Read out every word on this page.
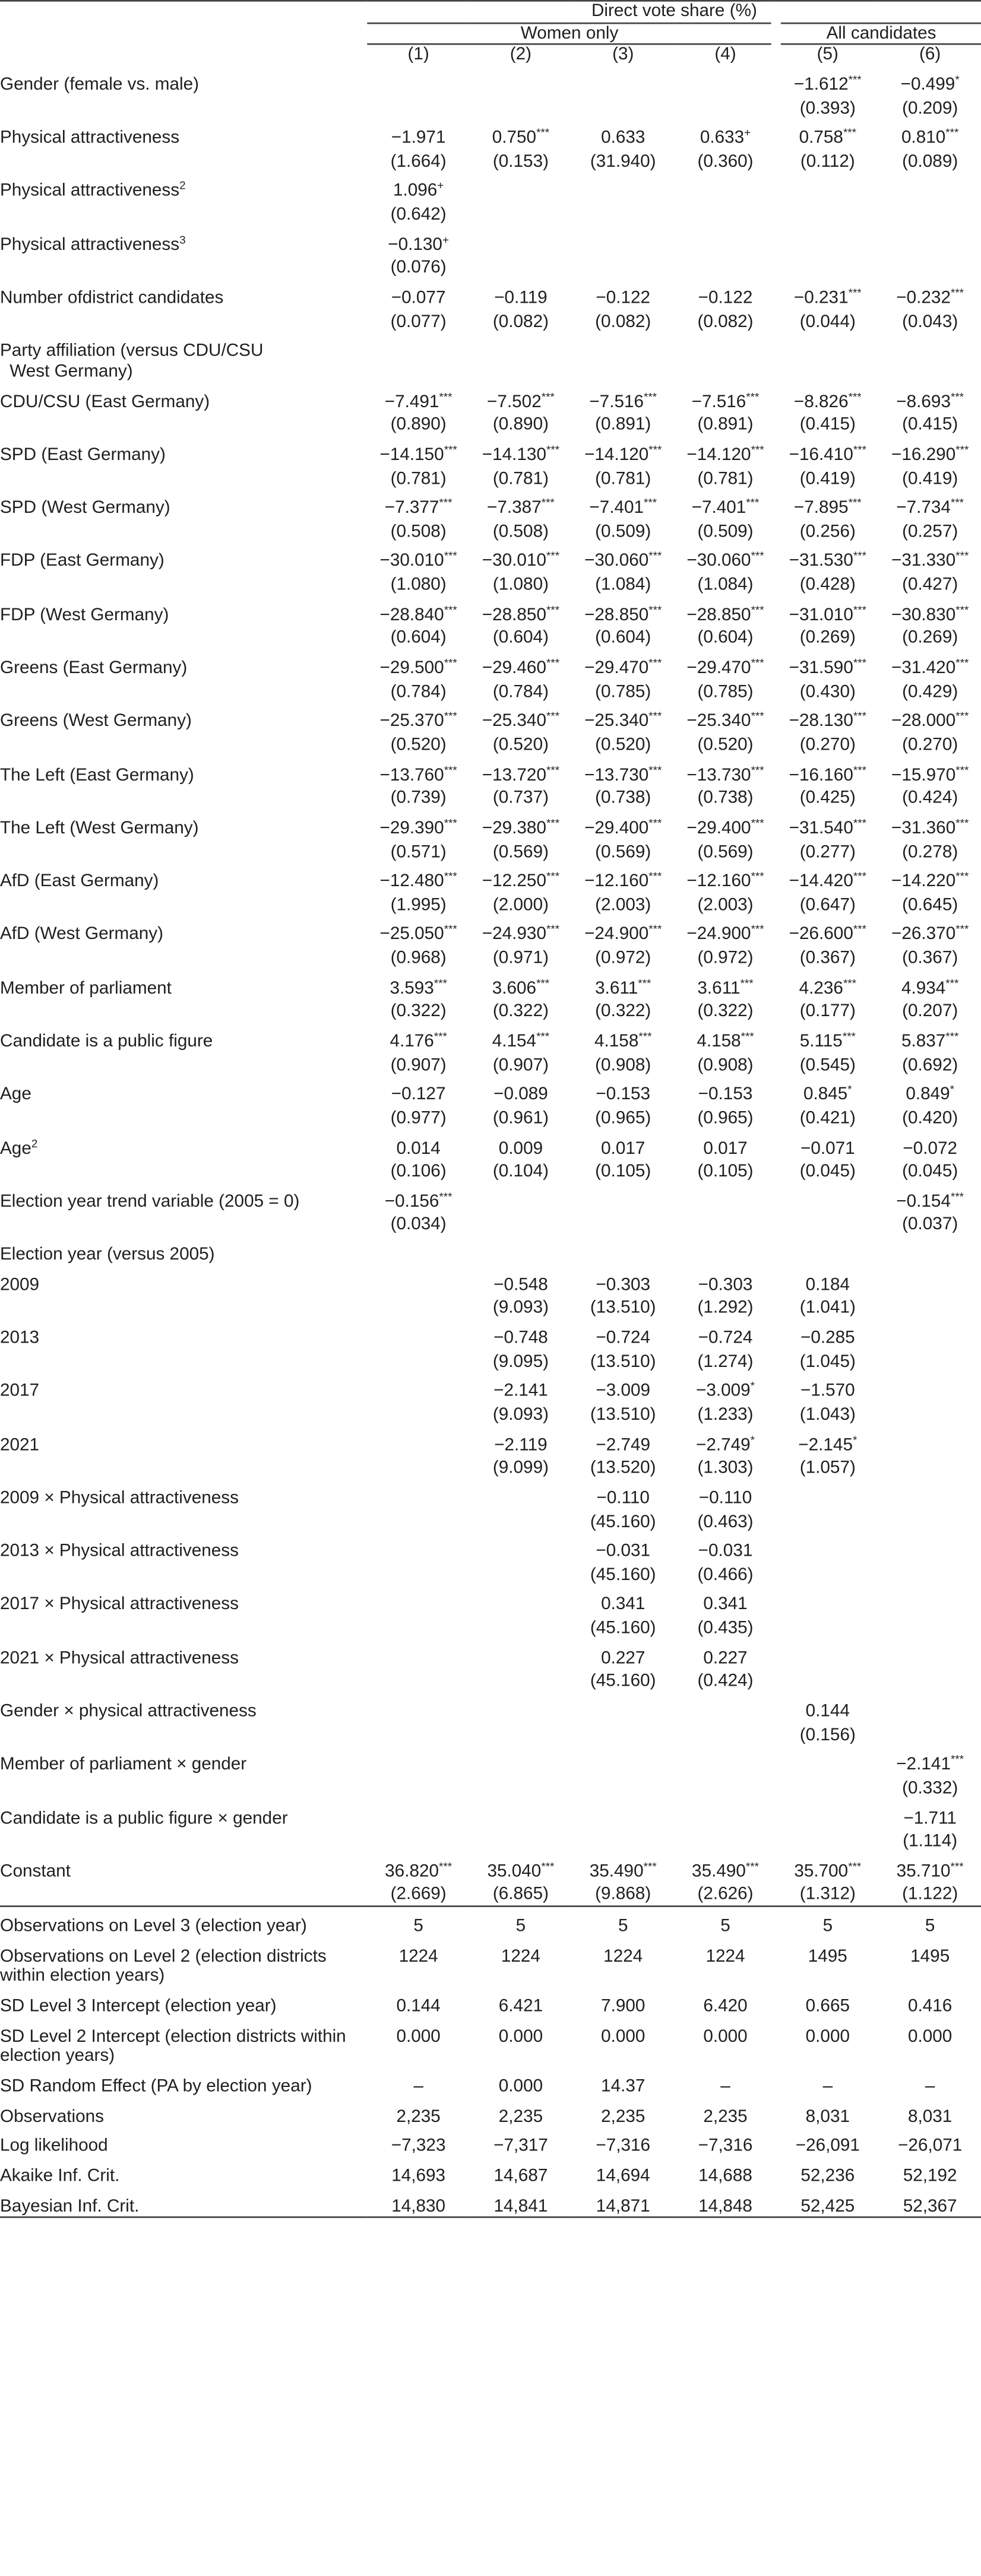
	Direct vote share (%)					
	Women only				All candidates	
	(1)	(2)	(3)	(4)	(5)	(6)
Gender (female vs. male)					−1.612***	−0.499*
					(0.393)	(0.209)
Physical attractiveness	−1.971	0.750***	0.633	0.633+	0.758***	0.810***
	(1.664)	(0.153)	(31.940)	(0.360)	(0.112)	(0.089)
Physical attractiveness$^2$	1.096+					
	(0.642)					
Physical attractiveness$^3$	−0.130+					
	(0.076)					
Number ofdistrict candidates	−0.077	−0.119	−0.122	−0.122	−0.231***	−0.232***
	(0.077)	(0.082)	(0.082)	(0.082)	(0.044)	(0.043)
Party affiliation (versus CDU/CSU
West Germany)						

CDU/CSU (East Germany)	−7.491***	−7.502***	−7.516***	−7.516***	−8.826***	−8.693***
	(0.890)	(0.890)	(0.891)	(0.891)	(0.415)	(0.415)
SPD (East Germany)	−14.150***	−14.130***	−14.120***	−14.120***	−16.410***	−16.290***
	(0.781)	(0.781)	(0.781)	(0.781)	(0.419)	(0.419)
SPD (West Germany)	−7.377***	−7.387***	−7.401***	−7.401***	−7.895***	−7.734***
	(0.508)	(0.508)	(0.509)	(0.509)	(0.256)	(0.257)
FDP (East Germany)	−30.010***	−30.010***	−30.060***	−30.060***	−31.530***	−31.330***
	(1.080)	(1.080)	(1.084)	(1.084)	(0.428)	(0.427)
FDP (West Germany)	−28.840***	−28.850***	−28.850***	−28.850***	−31.010***	−30.830***
	(0.604)	(0.604)	(0.604)	(0.604)	(0.269)	(0.269)
Greens (East Germany)	−29.500***	−29.460***	−29.470***	−29.470***	−31.590***	−31.420***
	(0.784)	(0.784)	(0.785)	(0.785)	(0.430)	(0.429)
Greens (West Germany)	−25.370***	−25.340***	−25.340***	−25.340***	−28.130***	−28.000***
	(0.520)	(0.520)	(0.520)	(0.520)	(0.270)	(0.270)
The Left (East Germany)	−13.760***	−13.720***	−13.730***	−13.730***	−16.160***	−15.970***
	(0.739)	(0.737)	(0.738)	(0.738)	(0.425)	(0.424)
The Left (West Germany)	−29.390***	−29.380***	−29.400***	−29.400***	−31.540***	−31.360***
	(0.571)	(0.569)	(0.569)	(0.569)	(0.277)	(0.278)
AfD (East Germany)	−12.480***	−12.250***	−12.160***	−12.160***	−14.420***	−14.220***
	(1.995)	(2.000)	(2.003)	(2.003)	(0.647)	(0.645)
AfD (West Germany)	−25.050***	−24.930***	−24.900***	−24.900***	−26.600***	−26.370***
	(0.968)	(0.971)	(0.972)	(0.972)	(0.367)	(0.367)
Member of parliament	3.593***	3.606***	3.611***	3.611***	4.236***	4.934***
	(0.322)	(0.322)	(0.322)	(0.322)	(0.177)	(0.207)
Candidate is a public figure	4.176***	4.154***	4.158***	4.158***	5.115***	5.837***
	(0.907)	(0.907)	(0.908)	(0.908)	(0.545)	(0.692)
Age	−0.127	−0.089	−0.153	−0.153	0.845*	0.849*
	(0.977)	(0.961)	(0.965)	(0.965)	(0.421)	(0.420)
Age$^2$	0.014	0.009	0.017	0.017	−0.071	−0.072
	(0.106)	(0.104)	(0.105)	(0.105)	(0.045)	(0.045)
Election year trend variable (2005 = 0)	−0.156***					−0.154***
	(0.034)					(0.037)
Election year (versus 2005)						
2009		−0.548	−0.303	−0.303	0.184	
		(9.093)	(13.510)	(1.292)	(1.041)	
2013		−0.748	−0.724	−0.724	−0.285	
		(9.095)	(13.510)	(1.274)	(1.045)	
2017		−2.141	−3.009	−3.009*	−1.570	
		(9.093)	(13.510)	(1.233)	(1.043)	
2021		−2.119	−2.749	−2.749*	−2.145*	
		(9.099)	(13.520)	(1.303)	(1.057)	
2009 × Physical attractiveness			−0.110	−0.110		
			(45.160)	(0.463)		
2013 × Physical attractiveness			−0.031	−0.031		
			(45.160)	(0.466)		
2017 × Physical attractiveness			0.341	0.341		
			(45.160)	(0.435)		
2021 × Physical attractiveness			0.227	0.227		
			(45.160)	(0.424)		
Gender × physical attractiveness					0.144	
					(0.156)	
Member of parliament × gender						−2.141***
						(0.332)
Candidate is a public figure × gender						−1.711
						(1.114)
Constant	36.820***	35.040***	35.490***	35.490***	35.700***	35.710***
	(2.669)	(6.865)	(9.868)	(2.626)	(1.312)	(1.122)
Observations on Level 3 (election year)	5	5	5	5	5	5
Observations on Level 2 (election districts
within election years)	1224	1224	1224	1224	1495	1495
SD Level 3 Intercept (election year)	0.144	6.421	7.900	6.420	0.665	0.416
SD Level 2 Intercept (election districts within
election years)	0.000	0.000	0.000	0.000	0.000	0.000
SD Random Effect (PA by election year)	–	0.000	14.37	–	–	–
Observations	2,235	2,235	2,235	2,235	8,031	8,031
Log likelihood	−7,323	−7,317	−7,316	−7,316	−26,091	−26,071
Akaike Inf. Crit.	14,693	14,687	14,694	14,688	52,236	52,192
Bayesian Inf. Crit.	14,830	14,841	14,871	14,848	52,425	52,367
